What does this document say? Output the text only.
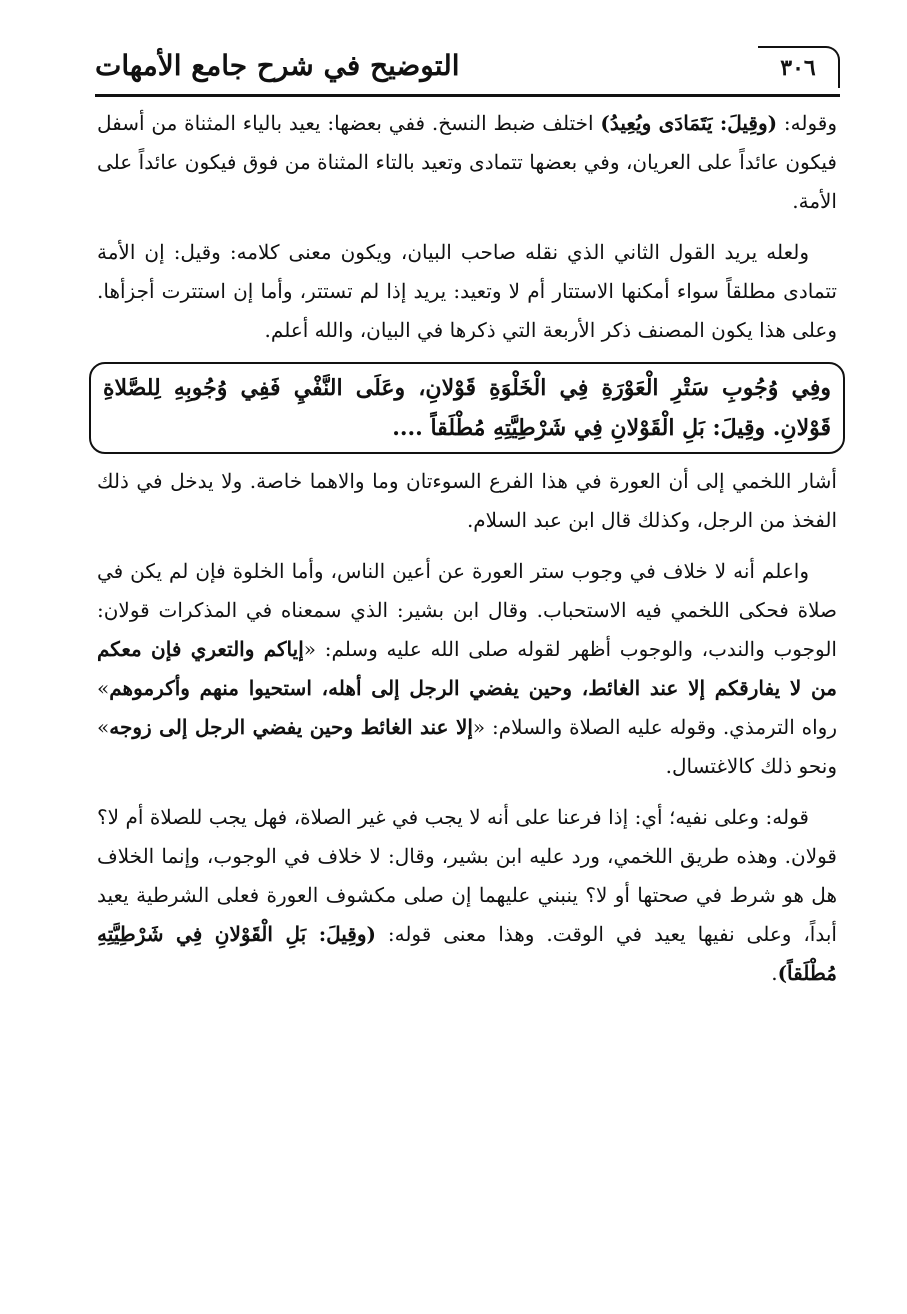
٣٠٦
التوضيح في شرح جامع الأمهات

وقوله: (وقِيلَ: يَتَمَادَى ويُعِيدُ) اختلف ضبط النسخ. ففي بعضها: يعيد بالياء المثناة من أسفل فيكون عائداً على العريان، وفي بعضها تتمادى وتعيد بالتاء المثناة من فوق فيكون عائداً على الأمة.

ولعله يريد القول الثاني الذي نقله صاحب البيان، ويكون معنى كلامه: وقيل: إن الأمة تتمادى مطلقاً سواء أمكنها الاستتار أم لا وتعيد: يريد إذا لم تستتر، وأما إن استترت أجزأها. وعلى هذا يكون المصنف ذكر الأربعة التي ذكرها في البيان، والله أعلم.

وفِي وُجُوبِ سَتْرِ الْعَوْرَةِ فِي الْخَلْوَةِ قَوْلانِ، وعَلَى النَّفْيِ فَفِي وُجُوبِهِ لِلصَّلاةِ قَوْلانِ. وقِيلَ: بَلِ الْقَوْلانِ فِي شَرْطِيَّتِهِ مُطْلَقاً ....

أشار اللخمي إلى أن العورة في هذا الفرع السوءتان وما والاهما خاصة. ولا يدخل في ذلك الفخذ من الرجل، وكذلك قال ابن عبد السلام.

واعلم أنه لا خلاف في وجوب ستر العورة عن أعين الناس، وأما الخلوة فإن لم يكن في صلاة فحكى اللخمي فيه الاستحباب. وقال ابن بشير: الذي سمعناه في المذكرات قولان: الوجوب والندب، والوجوب أظهر لقوله صلى الله عليه وسلم: «إياكم والتعري فإن معكم من لا يفارقكم إلا عند الغائط، وحين يفضي الرجل إلى أهله، استحيوا منهم وأكرموهم» رواه الترمذي. وقوله عليه الصلاة والسلام: «إلا عند الغائط وحين يفضي الرجل إلى زوجه» ونحو ذلك كالاغتسال.

قوله: وعلى نفيه؛ أي: إذا فرعنا على أنه لا يجب في غير الصلاة، فهل يجب للصلاة أم لا؟ قولان. وهذه طريق اللخمي، ورد عليه ابن بشير، وقال: لا خلاف في الوجوب، وإنما الخلاف هل هو شرط في صحتها أو لا؟ ينبني عليهما إن صلى مكشوف العورة فعلى الشرطية يعيد أبداً، وعلى نفيها يعيد في الوقت. وهذا معنى قوله: (وقِيلَ: بَلِ الْقَوْلانِ فِي شَرْطِيَّتِهِ مُطْلَقاً).
